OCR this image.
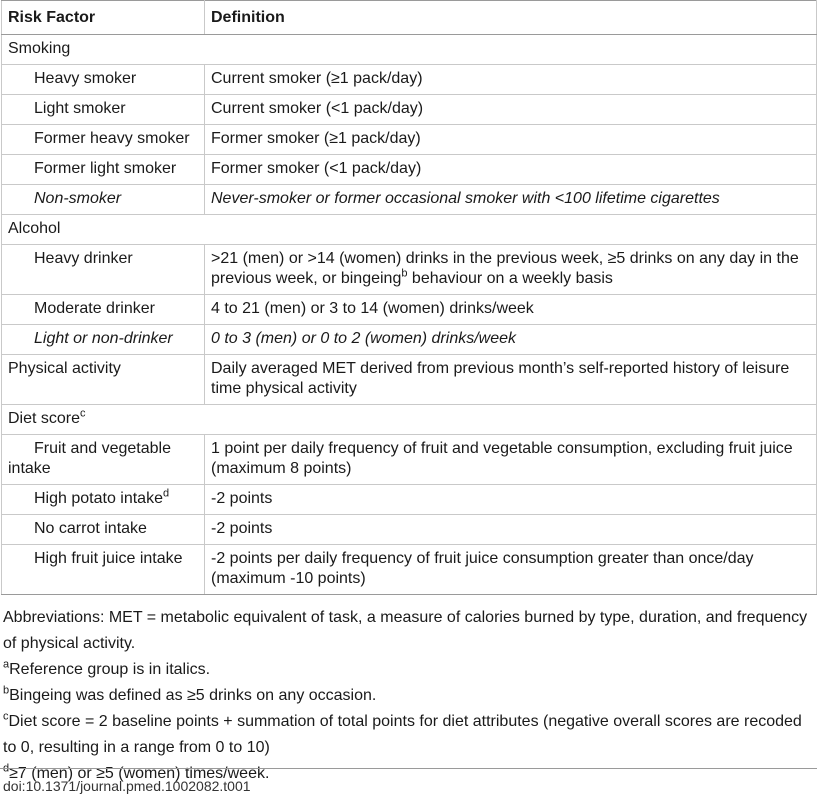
Risk Factor	Definition
Smoking	
Heavy smoker	Current smoker (≥1 pack/day)
Light smoker	Current smoker (<1 pack/day)
Former heavy smoker	Former smoker (≥1 pack/day)
Former light smoker	Former smoker (<1 pack/day)
Non-smoker	Never-smoker or former occasional smoker with <100 lifetime cigarettes
Alcohol	
Heavy drinker	>21 (men) or >14 (women) drinks in the previous week, ≥5 drinks on any day in the previous week, or bingeing$^b$ behaviour on a weekly basis
Moderate drinker	4 to 21 (men) or 3 to 14 (women) drinks/week
Light or non-drinker	0 to 3 (men) or 0 to 2 (women) drinks/week
Physical activity	Daily averaged MET derived from previous month’s self-reported history of leisure time physical activity
Diet score$^c$	
Fruit and vegetable intake	1 point per daily frequency of fruit and vegetable consumption, excluding fruit juice (maximum 8 points)
High potato intake$^d$	-2 points
No carrot intake	-2 points
High fruit juice intake	-2 points per daily frequency of fruit juice consumption greater than once/day (maximum -10 points)

Abbreviations: MET = metabolic equivalent of task, a measure of calories burned by type, duration, and frequency of physical activity.

$^a$Reference group is in italics.

$^b$Bingeing was defined as ≥5 drinks on any occasion.

$^c$Diet score = 2 baseline points + summation of total points for diet attributes (negative overall scores are recoded to 0, resulting in a range from 0 to 10)

$^d$≥7 (men) or ≥5 (women) times/week.

doi:10.1371/journal.pmed.1002082.t001
